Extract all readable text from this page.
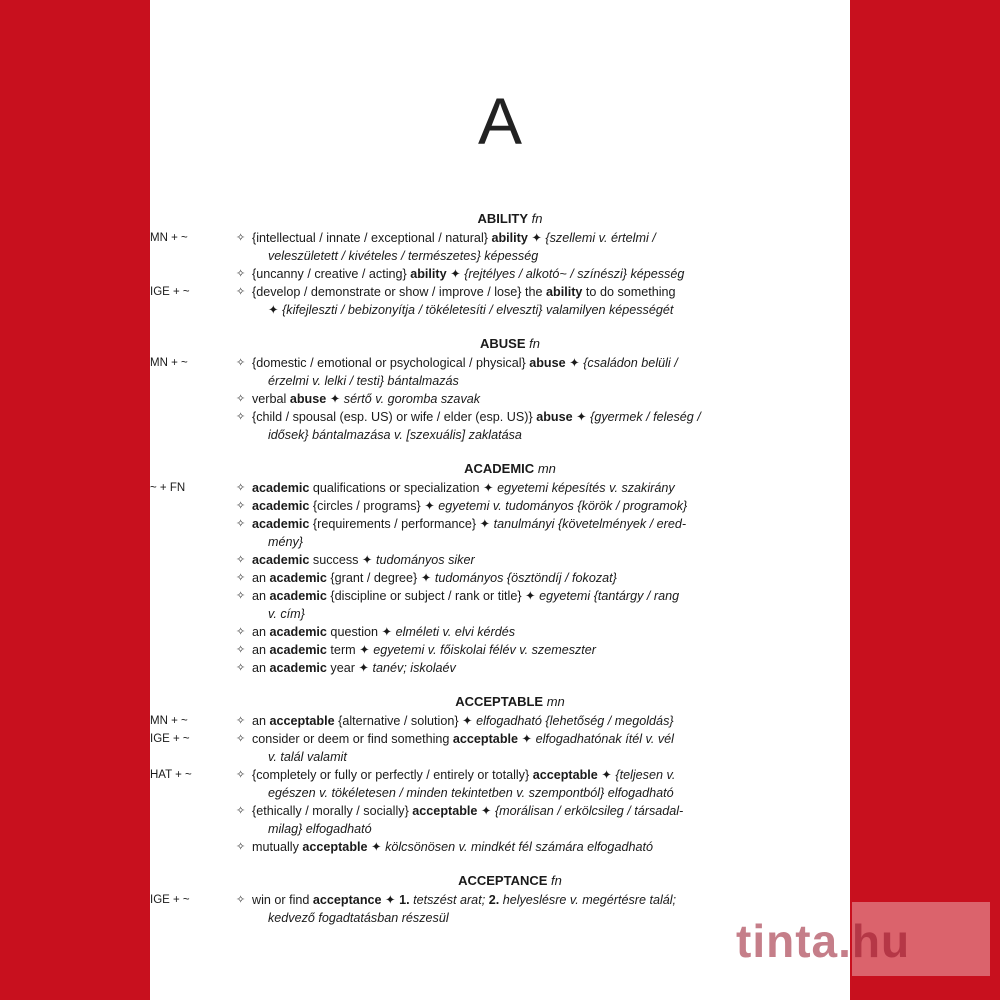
A
ABILITY fn
MN + ~	✧ {intellectual / innate / exceptional / natural} ability ✦ {szellemi v. értelmi /
veleszületett / kivételes / természetes} képesség
✧ {uncanny / creative / acting} ability ✦ {rejtélyes / alkotó~ / színészi} képesség
IGE + ~	✧ {develop / demonstrate or show / improve / lose} the ability to do something
✦ {kifejleszti / bebizonyítja / tökéletesíti / elveszti} valamilyen képességét
ABUSE fn
MN + ~	✧ {domestic / emotional or psychological / physical} abuse ✦ {családon belüli /
érzelmi v. lelki / testi} bántalmazás
✧ verbal abuse ✦ sértő v. goromba szavak
✧ {child / spousal (esp. US) or wife / elder (esp. US)} abuse ✦ {gyermek / feleség /
idősek} bántalmazása v. [szexuális] zaklatása
ACADEMIC mn
~ + FN	✧ academic qualifications or specialization ✦ egyetemi képesítés v. szakirány
✧ academic {circles / programs} ✦ egyetemi v. tudományos {körök / programok}
✧ academic {requirements / performance} ✦ tanulmányi {követelmények / ered-
mény}
✧ academic success ✦ tudományos siker
✧ an academic {grant / degree} ✦ tudományos {ösztöndíj / fokozat}
✧ an academic {discipline or subject / rank or title} ✦ egyetemi {tantárgy / rang
v. cím}
✧ an academic question ✦ elméleti v. elvi kérdés
✧ an academic term ✦ egyetemi v. főiskolai félév v. szemeszter
✧ an academic year ✦ tanév; iskolaév
ACCEPTABLE mn
MN + ~	✧ an acceptable {alternative / solution} ✦ elfogadható {lehetőség / megoldás}
IGE + ~	✧ consider or deem or find something acceptable ✦ elfogadhatónak ítél v. vél
v. talál valamit
HAT + ~	✧ {completely or fully or perfectly / entirely or totally} acceptable ✦ {teljesen v.
egészen v. tökéletesen / minden tekintetben v. szempontból} elfogadható
✧ {ethically / morally / socially} acceptable ✦ {morálisan / erkölcsileg / társadal-
milag} elfogadható
✧ mutually acceptable ✦ kölcsönösen v. mindkét fél számára elfogadható
ACCEPTANCE fn
IGE + ~	✧ win or find acceptance ✦ 1. tetszést arat; 2. helyeslésre v. megértésre talál;
kedvező fogadtatásban részesül	tinta.hu
